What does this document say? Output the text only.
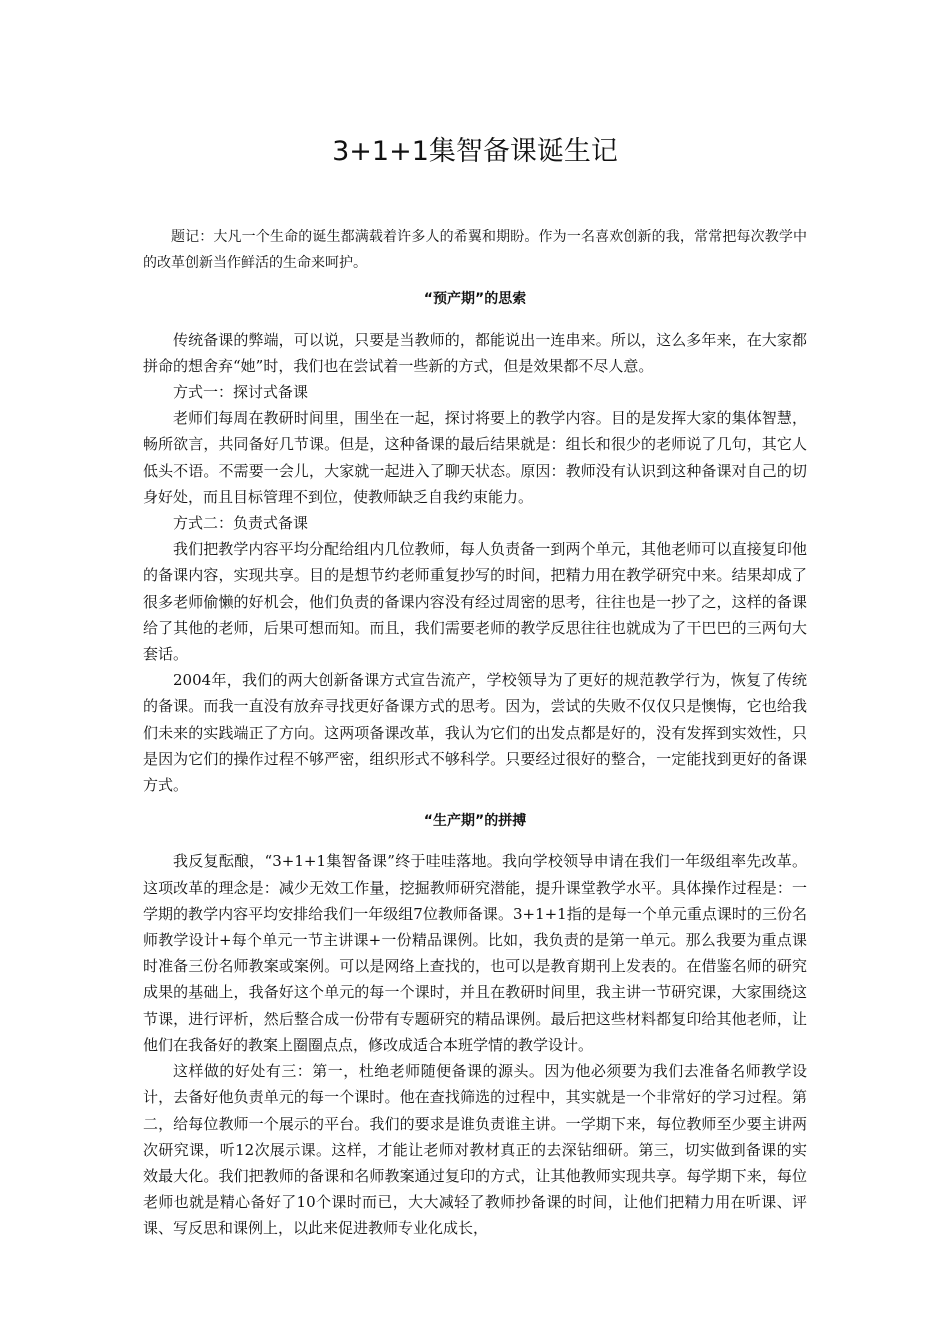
3+1+1集智备课诞生记

题记：大凡一个生命的诞生都满载着许多人的希翼和期盼。作为一名喜欢创新的我，常常把每次教学中的改革创新当作鲜活的生命来呵护。

“预产期”的思索

传统备课的弊端，可以说，只要是当教师的，都能说出一连串来。所以，这么多年来，在大家都拼命的想舍弃“她”时，我们也在尝试着一些新的方式，但是效果都不尽人意。

方式一：探讨式备课

老师们每周在教研时间里，围坐在一起，探讨将要上的教学内容。目的是发挥大家的集体智慧，畅所欲言，共同备好几节课。但是，这种备课的最后结果就是：组长和很少的老师说了几句，其它人低头不语。不需要一会儿，大家就一起进入了聊天状态。原因：教师没有认识到这种备课对自己的切身好处，而且目标管理不到位，使教师缺乏自我约束能力。

方式二：负责式备课

我们把教学内容平均分配给组内几位教师，每人负责备一到两个单元，其他老师可以直接复印他的备课内容，实现共享。目的是想节约老师重复抄写的时间，把精力用在教学研究中来。结果却成了很多老师偷懒的好机会，他们负责的备课内容没有经过周密的思考，往往也是一抄了之，这样的备课给了其他的老师，后果可想而知。而且，我们需要老师的教学反思往往也就成为了干巴巴的三两句大套话。

2004年，我们的两大创新备课方式宣告流产，学校领导为了更好的规范教学行为，恢复了传统的备课。而我一直没有放弃寻找更好备课方式的思考。因为，尝试的失败不仅仅只是懊悔，它也给我们未来的实践端正了方向。这两项备课改革，我认为它们的出发点都是好的，没有发挥到实效性，只是因为它们的操作过程不够严密，组织形式不够科学。只要经过很好的整合，一定能找到更好的备课方式。

“生产期”的拼搏

我反复酝酿，“3+1+1集智备课”终于哇哇落地。我向学校领导申请在我们一年级组率先改革。这项改革的理念是：减少无效工作量，挖掘教师研究潜能，提升课堂教学水平。具体操作过程是：一学期的教学内容平均安排给我们一年级组7位教师备课。3+1+1指的是每一个单元重点课时的三份名师教学设计+每个单元一节主讲课+一份精品课例。比如，我负责的是第一单元。那么我要为重点课时准备三份名师教案或案例。可以是网络上查找的，也可以是教育期刊上发表的。在借鉴名师的研究成果的基础上，我备好这个单元的每一个课时，并且在教研时间里，我主讲一节研究课，大家围绕这节课，进行评析，然后整合成一份带有专题研究的精品课例。最后把这些材料都复印给其他老师，让他们在我备好的教案上圈圈点点，修改成适合本班学情的教学设计。

这样做的好处有三：第一，杜绝老师随便备课的源头。因为他必须要为我们去准备名师教学设计，去备好他负责单元的每一个课时。他在查找筛选的过程中，其实就是一个非常好的学习过程。第二，给每位教师一个展示的平台。我们的要求是谁负责谁主讲。一学期下来，每位教师至少要主讲两次研究课，听12次展示课。这样，才能让老师对教材真正的去深钻细研。第三，切实做到备课的实效最大化。我们把教师的备课和名师教案通过复印的方式，让其他教师实现共享。每学期下来，每位老师也就是精心备好了10个课时而已，大大减轻了教师抄备课的时间，让他们把精力用在听课、评课、写反思和课例上，以此来促进教师专业化成长，
